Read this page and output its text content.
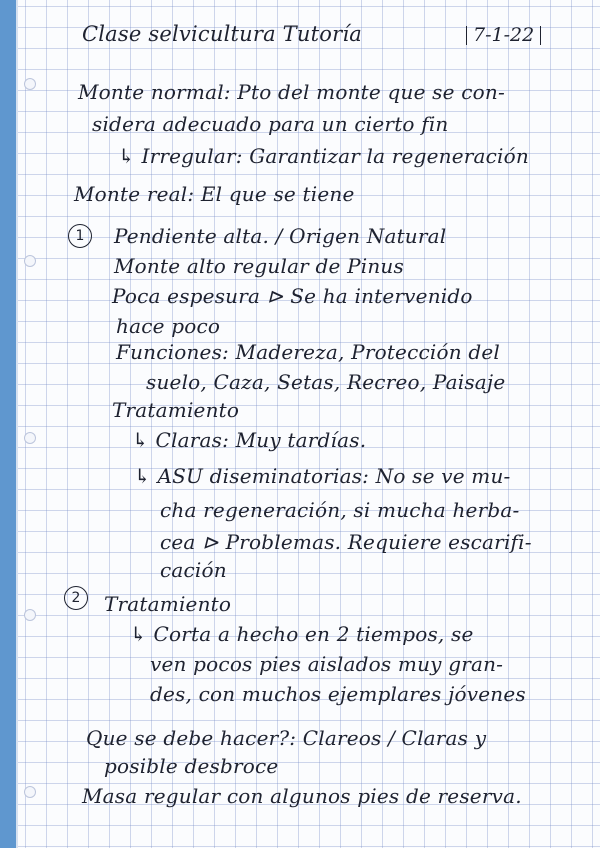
Clase selvicultura Tutoría	7-1-22
Monte normal: Pto del monte que se con-
sidera adecuado para un cierto fin
↳ Irregular: Garantizar la regeneración
Monte real: El que se tiene
1	Pendiente alta. / Origen Natural
Monte alto regular de Pinus
Poca espesura ⊳ Se ha intervenido
hace poco
Funciones: Madereza, Protección del
suelo, Caza, Setas, Recreo, Paisaje
Tratamiento
↳ Claras: Muy tardías.
↳ ASU diseminatorias: No se ve mu-
cha regeneración, si mucha herba-
cea ⊳ Problemas. Requiere escarifi-
cación
2	Tratamiento
↳ Corta a hecho en 2 tiempos, se
ven pocos pies aislados muy gran-
des, con muchos ejemplares jóvenes
Que se debe hacer?: Clareos / Claras y
posible desbroce
Masa regular con algunos pies de reserva.
